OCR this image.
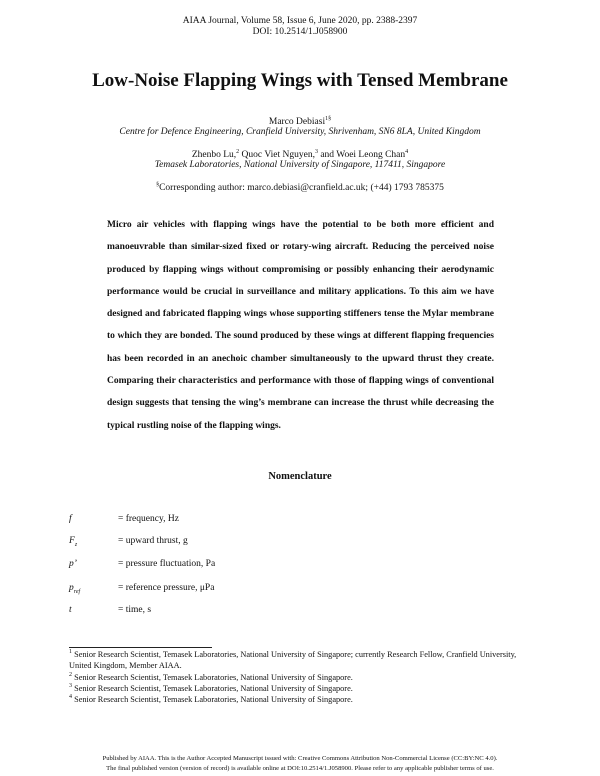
AIAA Journal, Volume 58, Issue 6, June 2020, pp. 2388-2397
DOI: 10.2514/1.J058900
Low-Noise Flapping Wings with Tensed Membrane
Marco Debiasi$^{1\S}$
Centre for Defence Engineering, Cranfield University, Shrivenham, SN6 8LA, United Kingdom
Zhenbo Lu,$^2$ Quoc Viet Nguyen,$^3$ and Woei Leong Chan$^4$
Temasek Laboratories, National University of Singapore, 117411, Singapore
§Corresponding author: marco.debiasi@cranfield.ac.uk; (+44) 1793 785375
Micro air vehicles with flapping wings have the potential to be both more efficient and manoeuvrable than similar-sized fixed or rotary-wing aircraft. Reducing the perceived noise produced by flapping wings without compromising or possibly enhancing their aerodynamic performance would be crucial in surveillance and military applications. To this aim we have designed and fabricated flapping wings whose supporting stiffeners tense the Mylar membrane to which they are bonded. The sound produced by these wings at different flapping frequencies has been recorded in an anechoic chamber simultaneously to the upward thrust they create. Comparing their characteristics and performance with those of flapping wings of conventional design suggests that tensing the wing’s membrane can increase the thrust while decreasing the typical rustling noise of the flapping wings.
Nomenclature
f	= frequency, Hz
$F_z$	= upward thrust, g
p’	= pressure fluctuation, Pa
$p_{ref}$	= reference pressure, μPa
t	= time, s
$^1$ Senior Research Scientist, Temasek Laboratories, National University of Singapore; currently Research Fellow, Cranfield University, United Kingdom, Member AIAA.
$^2$ Senior Research Scientist, Temasek Laboratories, National University of Singapore.
$^3$ Senior Research Scientist, Temasek Laboratories, National University of Singapore.
$^4$ Senior Research Scientist, Temasek Laboratories, National University of Singapore.
Published by AIAA. This is the Author Accepted Manuscript issued with: Creative Commons Attribution Non-Commercial License (CC:BY:NC 4.0).
The final published version (version of record) is available online at DOI:10.2514/1.J058900. Please refer to any applicable publisher terms of use.
